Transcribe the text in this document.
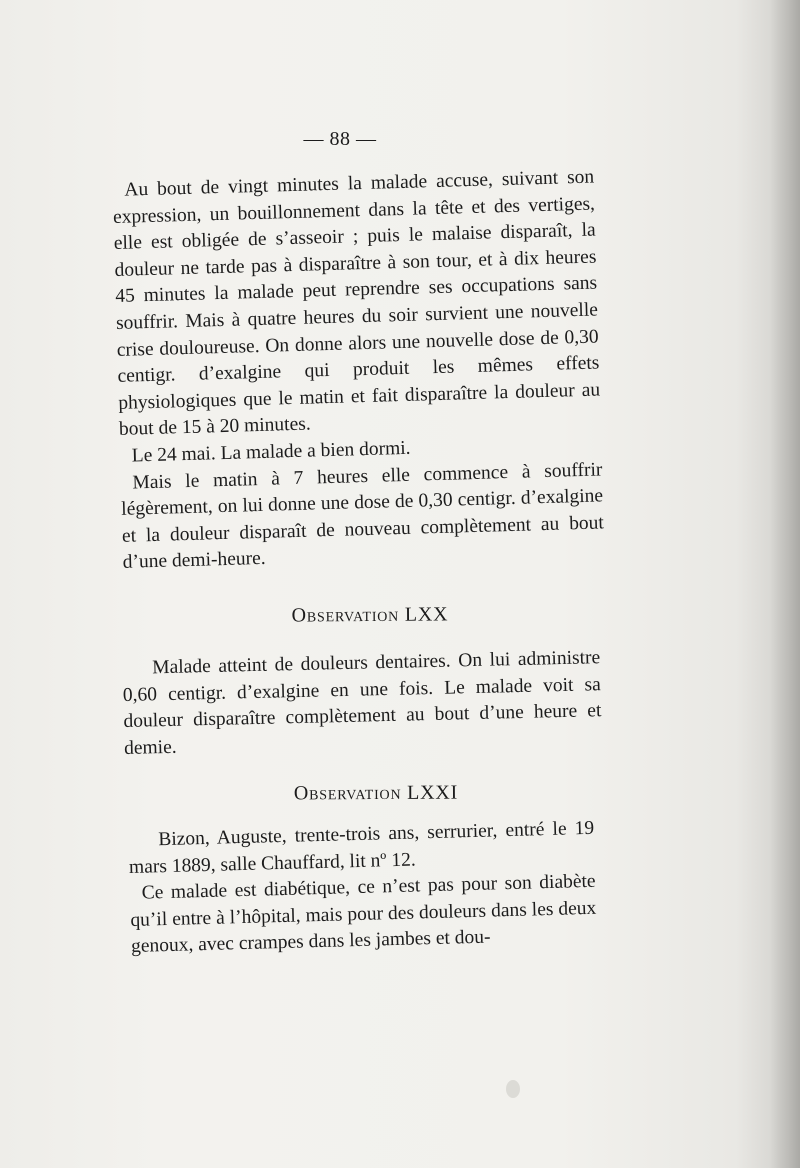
— 88 —

Au bout de vingt minutes la malade accuse, suivant son expression, un bouillonnement dans la tête et des vertiges, elle est obligée de s’asseoir ; puis le malaise disparaît, la douleur ne tarde pas à disparaître à son tour, et à dix heures 45 minutes la malade peut reprendre ses occupations sans souffrir. Mais à quatre heures du soir survient une nouvelle crise douloureuse. On donne alors une nouvelle dose de 0,30 centigr. d’exalgine qui produit les mêmes effets physiologiques que le matin et fait disparaître la douleur au bout de 15 à 20 minutes.

Le 24 mai. La malade a bien dormi.

Mais le matin à 7 heures elle commence à souffrir légèrement, on lui donne une dose de 0,30 centigr. d’exalgine et la douleur disparaît de nouveau complètement au bout d’une demi-heure.

Observation LXX

Malade atteint de douleurs dentaires. On lui administre 0,60 centigr. d’exalgine en une fois. Le malade voit sa douleur disparaître complètement au bout d’une heure et demie.

Observation LXXI

Bizon, Auguste, trente-trois ans, serrurier, entré le 19 mars 1889, salle Chauffard, lit nº 12.

Ce malade est diabétique, ce n’est pas pour son diabète qu’il entre à l’hôpital, mais pour des douleurs dans les deux genoux, avec crampes dans les jambes et dou-
